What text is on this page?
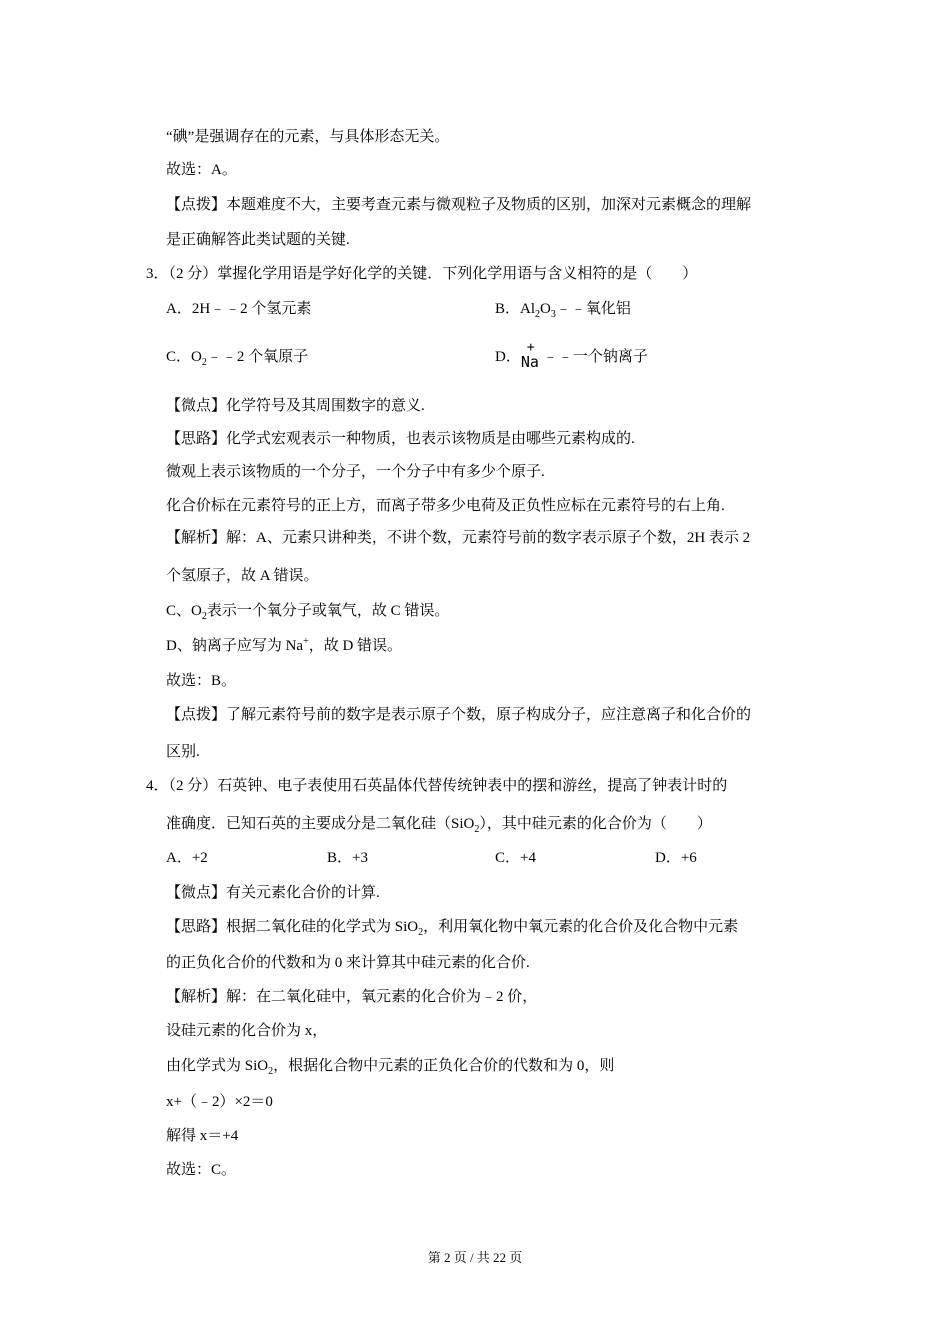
“碘”是强调存在的元素，与具体形态无关。
故选：A。
【点拨】本题难度不大，主要考查元素与微观粒子及物质的区别，加深对元素概念的理解
是正确解答此类试题的关键.
3．（2 分）掌握化学用语是学好化学的关键．下列化学用语与含义相符的是（　　）
A．2H﹣﹣2 个氢元素	B．$Al_2O_3﹣﹣$氧化铝
C．$O_2﹣﹣2$ 个氧原子	D．
+
Na ﹣﹣一个钠离子
【微点】化学符号及其周围数字的意义.
【思路】化学式宏观表示一种物质，也表示该物质是由哪些元素构成的.
微观上表示该物质的一个分子，一个分子中有多少个原子.
化合价标在元素符号的正上方，而离子带多少电荷及正负性应标在元素符号的右上角.
【解析】解：A、元素只讲种类，不讲个数，元素符号前的数字表示原子个数，2H 表示 2
个氢原子，故 A 错误。
C、$O_2$表示一个氧分子或氧气，故 C 错误。
D、钠离子应写为 Na+，故 D 错误。
故选：B。
【点拨】了解元素符号前的数字是表示原子个数，原子构成分子，应注意离子和化合价的
区别.
4．（2 分）石英钟、电子表使用石英晶体代替传统钟表中的摆和游丝，提高了钟表计时的
准确度．已知石英的主要成分是二氧化硅（SiO$_2$），其中硅元素的化合价为（　　）
A．+2	B．+3	C．+4	D．+6
【微点】有关元素化合价的计算.
【思路】根据二氧化硅的化学式为 SiO$_2$，利用氧化物中氧元素的化合价及化合物中元素
的正负化合价的代数和为 0 来计算其中硅元素的化合价.
【解析】解：在二氧化硅中，氧元素的化合价为﹣2 价，
设硅元素的化合价为 x，
由化学式为 SiO$_2$，根据化合物中元素的正负化合价的代数和为 0，则
x+（﹣2）×2＝0
解得 x＝+4
故选：C。
第 2 页 / 共 22 页
